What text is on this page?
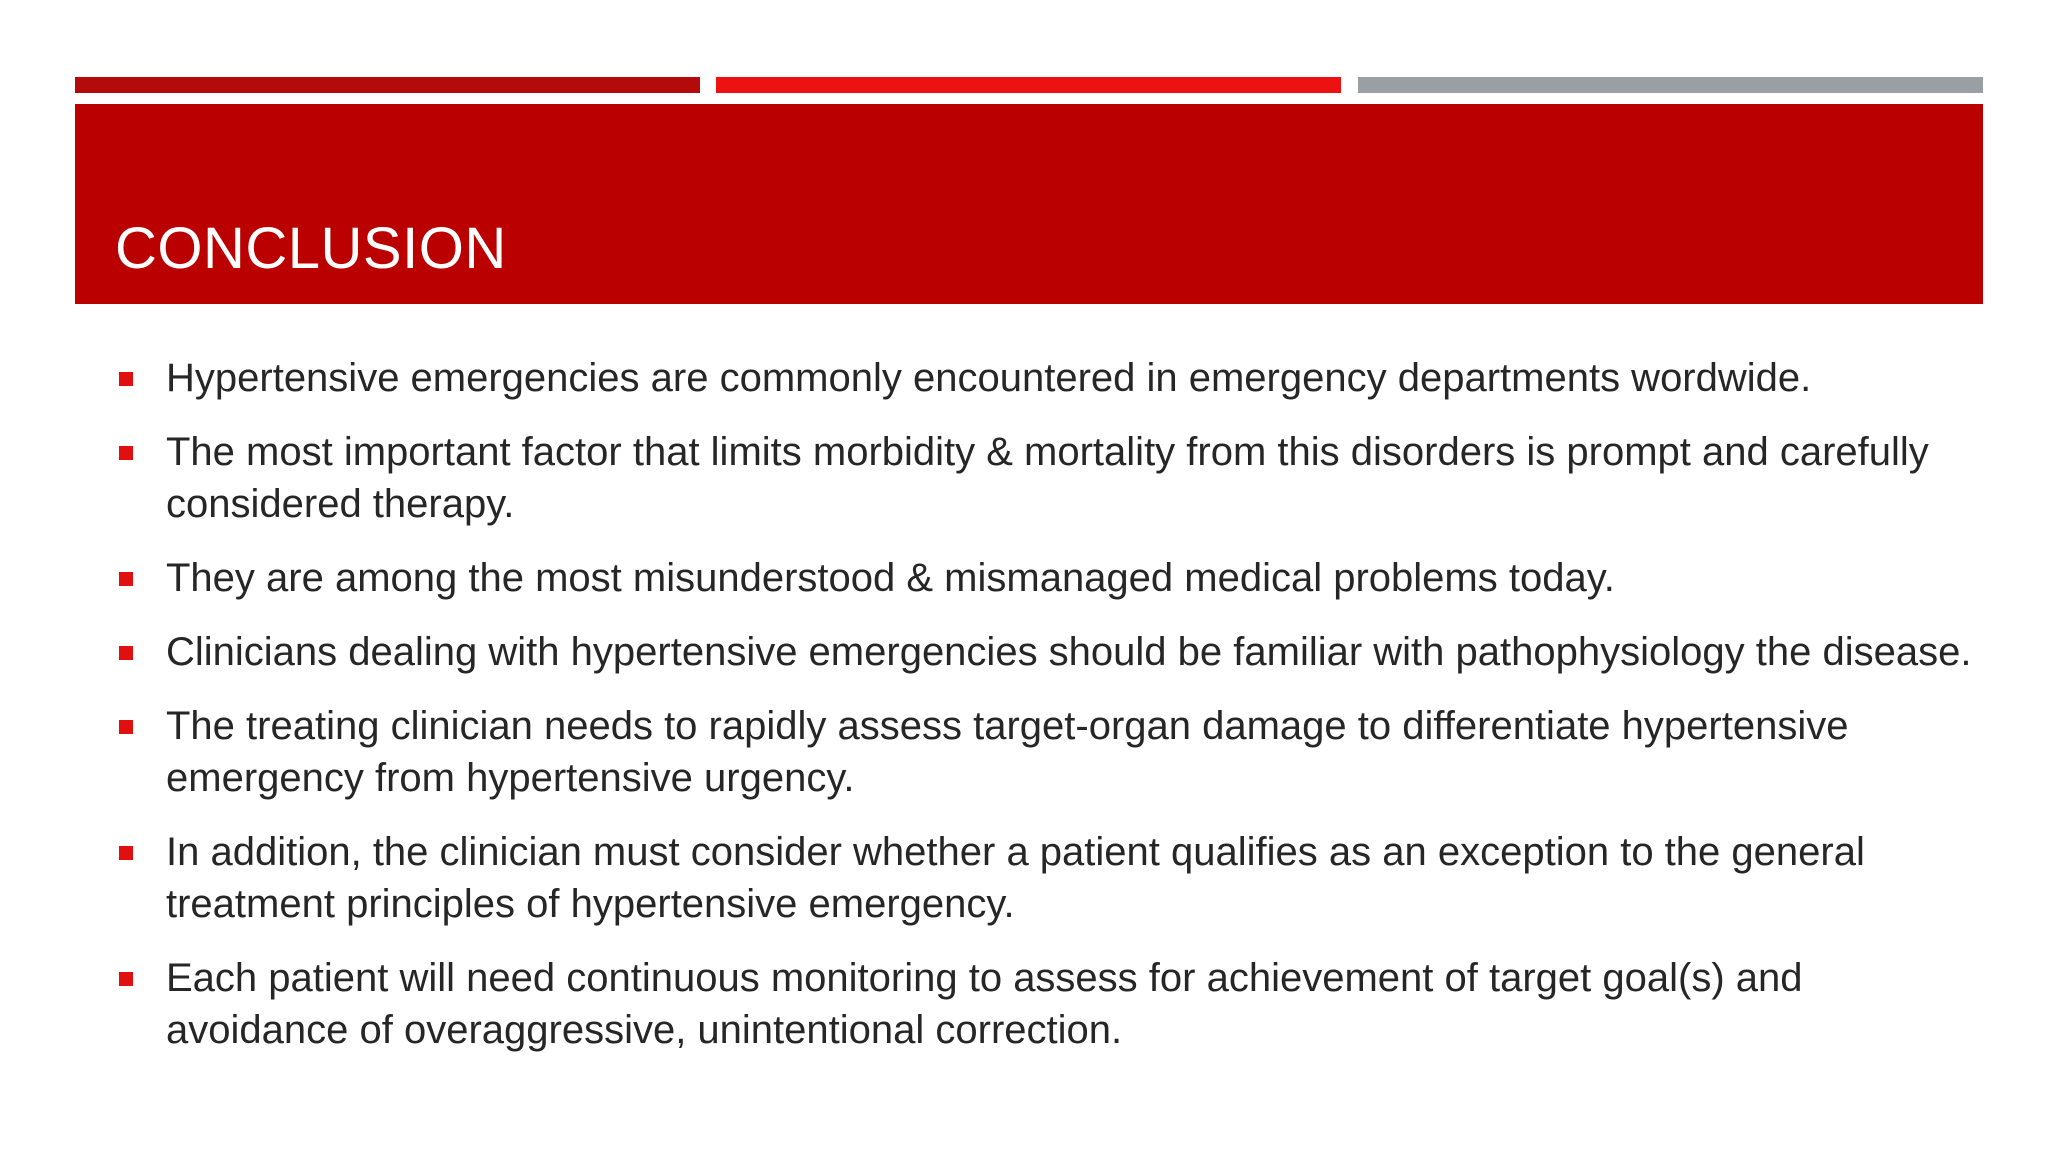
CONCLUSION
Hypertensive emergencies are commonly encountered in emergency departments wordwide.
The most important factor that limits morbidity & mortality from this disorders is prompt and carefully considered therapy.
They are among the most misunderstood & mismanaged medical problems today.
Clinicians dealing with hypertensive emergencies should be familiar with pathophysiology the disease.
The treating clinician needs to rapidly assess target-organ damage to differentiate hypertensive emergency from hypertensive urgency.
In addition, the clinician must consider whether a patient qualifies as an exception to the general treatment principles of hypertensive emergency.
Each patient will need continuous monitoring to assess for achievement of target goal(s) and avoidance of overaggressive, unintentional correction.
